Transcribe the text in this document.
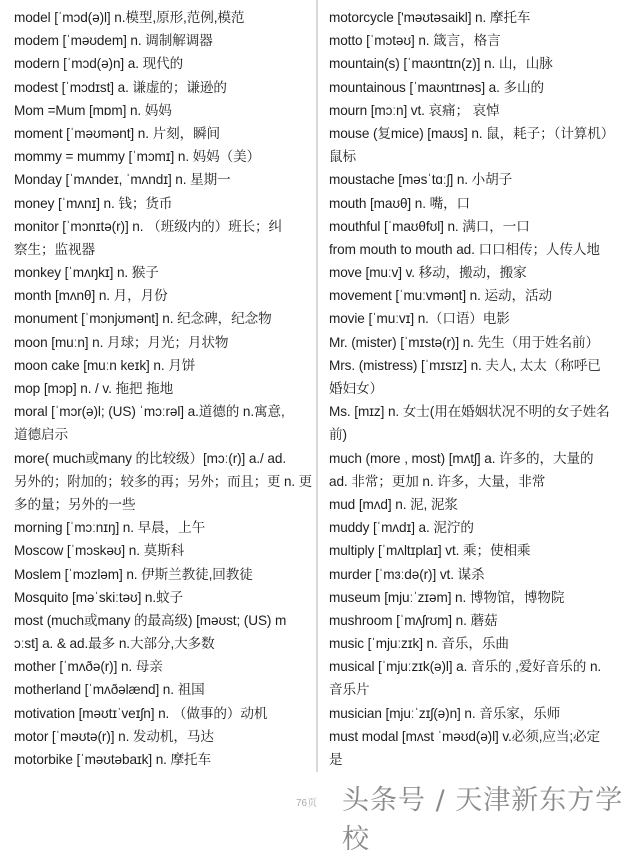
model [ˈmɔd(ə)l] n.模型,原形,范例,模范
modem [ˈməʊdem] n. 调制解调器
modern [ˈmɔd(ə)n] a. 现代的
modest [ˈmɔdɪst] a. 谦虚的；谦逊的
Mom =Mum [mɒm] n. 妈妈
moment [ˈməʊmənt] n. 片刻，瞬间
mommy = mummy [ˈmɔmɪ] n. 妈妈（美）
Monday [ˈmʌndeɪ, ˈmʌndɪ] n. 星期一
money [ˈmʌnɪ] n. 钱；货币
monitor [ˈmɔnɪtə(r)] n. （班级内的）班长；纠
察生；监视器
monkey [ˈmʌŋkɪ] n. 猴子
month [mʌnθ] n. 月，月份
monument [ˈmɔnjʊmənt] n. 纪念碑，纪念物
moon [muːn] n. 月球；月光；月状物
moon cake [muːn keɪk] n. 月饼
mop [mɔp] n. / v. 拖把 拖地
moral [ˈmɔr(ə)l; (US) ˈmɔːrəl] a.道德的 n.寓意,
道德启示
more( much或many 的比较级）[mɔː(r)] a./ ad.
另外的；附加的；较多的再；另外；而且；更 n. 更
多的量；另外的一些
morning [ˈmɔːnɪŋ] n. 早晨，上午
Moscow [ˈmɔskəʊ] n. 莫斯科
Moslem [ˈmɔzləm] n. 伊斯兰教徒,回教徒
Mosquito [məˈskiːtəʊ] n.蚊子
most (much或many 的最高级) [məʊst; (US) m
ɔːst] a. & ad.最多 n.大部分,大多数
mother [ˈmʌðə(r)] n. 母亲
motherland [ˈmʌðəlænd] n. 祖国
motivation [məʊtɪˈveɪʃn] n. （做事的）动机
motor [ˈməʊtə(r)] n. 发动机，马达
motorbike [ˈməʊtəbaɪk] n. 摩托车
motorcycle ['məʊtəsaikl] n. 摩托车
motto [ˈmɔtəʊ] n. 箴言，格言
mountain(s) [ˈmaʊntɪn(z)] n. 山，山脉
mountainous [ˈmaʊntɪnəs] a. 多山的
mourn [mɔːn] vt. 哀痛； 哀悼
mouse (复mice) [maʊs] n. 鼠，耗子；（计算机）
鼠标
moustache [məsˈtɑːʃ] n. 小胡子
mouth [maʊθ] n. 嘴，口
mouthful [ˈmaʊθfʊl] n. 满口，一口
from mouth to mouth ad. 口口相传；人传人地
move [muːv] v. 移动，搬动，搬家
movement [ˈmuːvmənt] n. 运动，活动
movie [ˈmuːvɪ] n.（口语）电影
Mr. (mister) [ˈmɪstə(r)] n. 先生（用于姓名前）
Mrs. (mistress) [ˈmɪsɪz] n. 夫人, 太太（称呼已
婚妇女）
Ms. [mɪz] n. 女士(用在婚姻状况不明的女子姓名
前)
much (more , most) [mʌtʃ] a. 许多的，大量的
ad. 非常；更加 n. 许多，大量，非常
mud [mʌd] n. 泥, 泥浆
muddy [ˈmʌdɪ] a. 泥泞的
multiply [ˈmʌltɪplaɪ] vt. 乘；使相乘
murder [ˈmɜːdə(r)] vt. 谋杀
museum [mjuːˈzɪəm] n. 博物馆，博物院
mushroom [ˈmʌʃrʊm] n. 蘑菇
music [ˈmjuːzɪk] n. 音乐，乐曲
musical [ˈmjuːzɪk(ə)l] a. 音乐的 ,爱好音乐的 n.
音乐片
musician [mjuːˈzɪʃ(ə)n] n. 音乐家，乐师
must modal [mʌst ˈməʊd(ə)l] v.必须,应当;必定
是
76页 头条号 / 天津新东方学校
